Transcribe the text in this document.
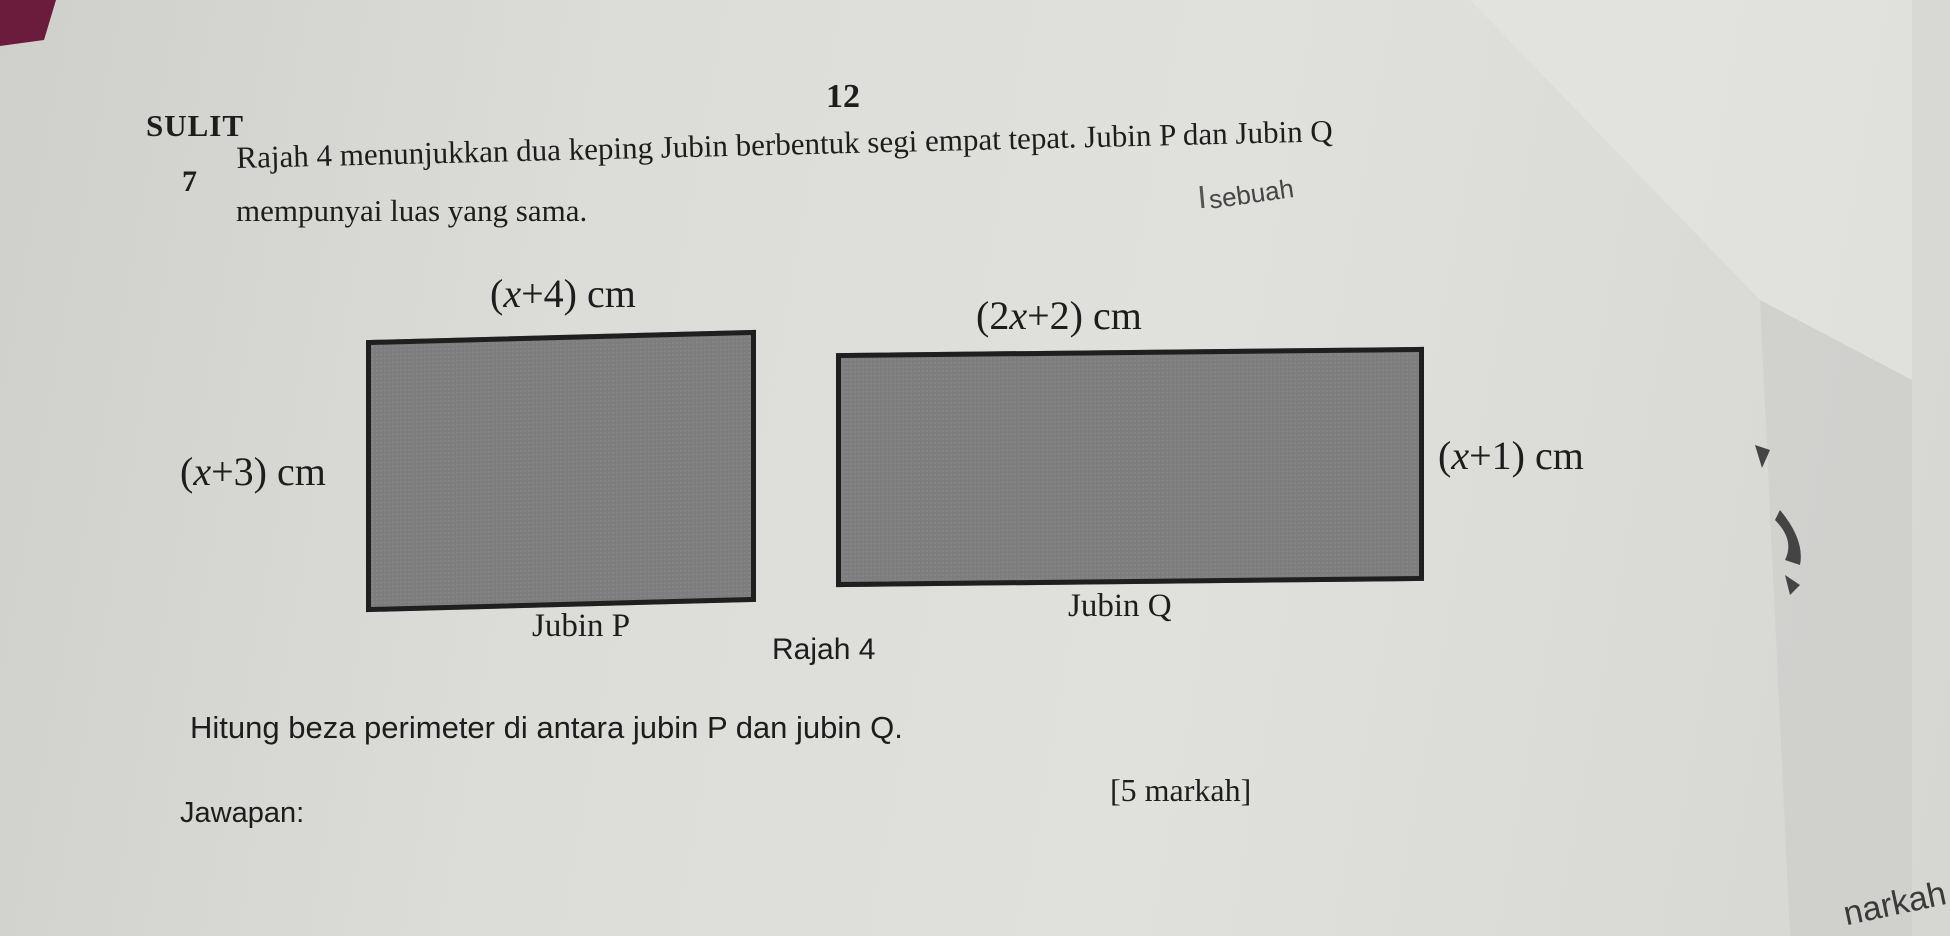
12
SULIT
7
Rajah 4 menunjukkan dua keping Jubin berbentuk segi empat tepat. Jubin P dan Jubin Q
mempunyai luas yang sama.	sebuah
(x+4) cm
(x+3) cm
(2x+2) cm
(x+1) cm
Jubin P
Jubin Q
Rajah 4
Hitung beza perimeter di antara jubin P dan jubin Q.
[5 markah]
Jawapan:
narkah
